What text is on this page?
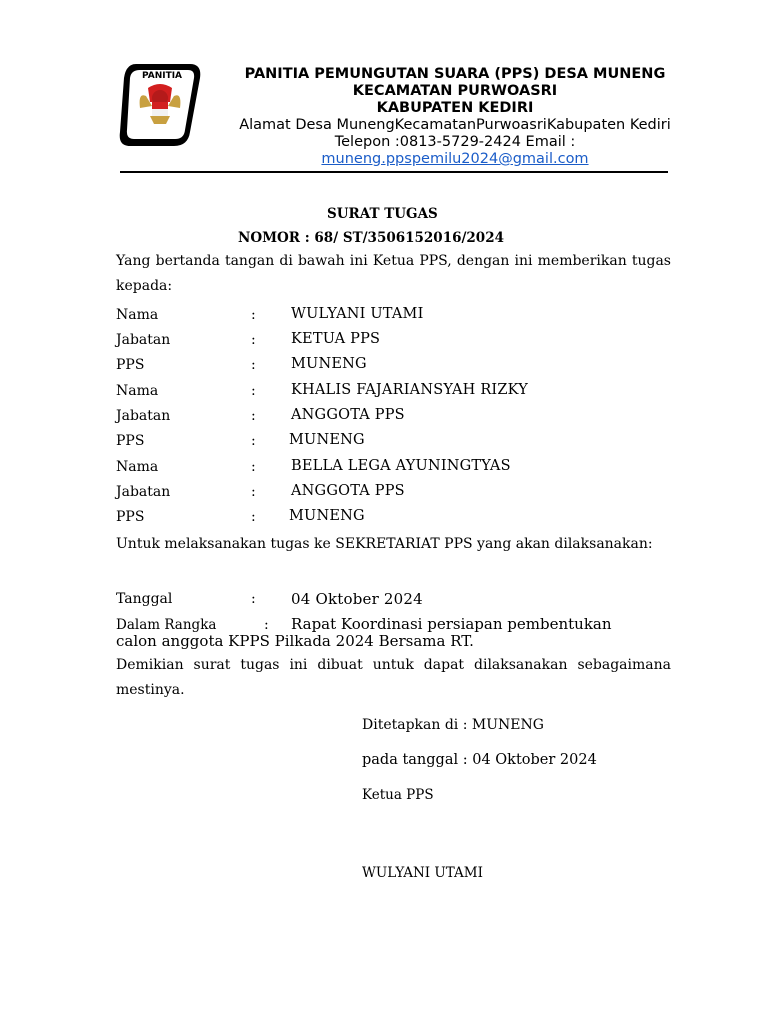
PANITIA	PANITIA PEMUNGUTAN SUARA (PPS) DESA MUNENG
KECAMATAN PURWOASRI
KABUPATEN KEDIRI
Alamat Desa MunengKecamatanPurwoasriKabupaten Kediri
Telepon :0813-5729-2424 Email :
muneng.ppspemilu2024@gmail.com
SURAT TUGAS
NOMOR : 68/ ST/3506152016/2024
Yang bertanda tangan di bawah ini Ketua PPS, dengan ini memberikan tugas kepada:
Nama	: WULYANI UTAMI
Jabatan	: KETUA PPS
PPS	: MUNENG
Nama	: KHALIS FAJARIANSYAH RIZKY
Jabatan	: ANGGOTA PPS
PPS	: MUNENG
Nama	: BELLA LEGA AYUNINGTYAS
Jabatan	: ANGGOTA PPS
PPS	: MUNENG
Untuk melaksanakan tugas ke SEKRETARIAT PPS yang akan dilaksanakan:
Tanggal	: 04 Oktober 2024
Dalam Rangka	: Rapat Koordinasi persiapan pembentukan
calon anggota KPPS Pilkada 2024 Bersama RT.
Demikian surat tugas ini dibuat untuk dapat dilaksanakan sebagaimana mestinya.
Ditetapkan di : MUNENG
pada tanggal : 04 Oktober 2024
Ketua PPS
WULYANI UTAMI
